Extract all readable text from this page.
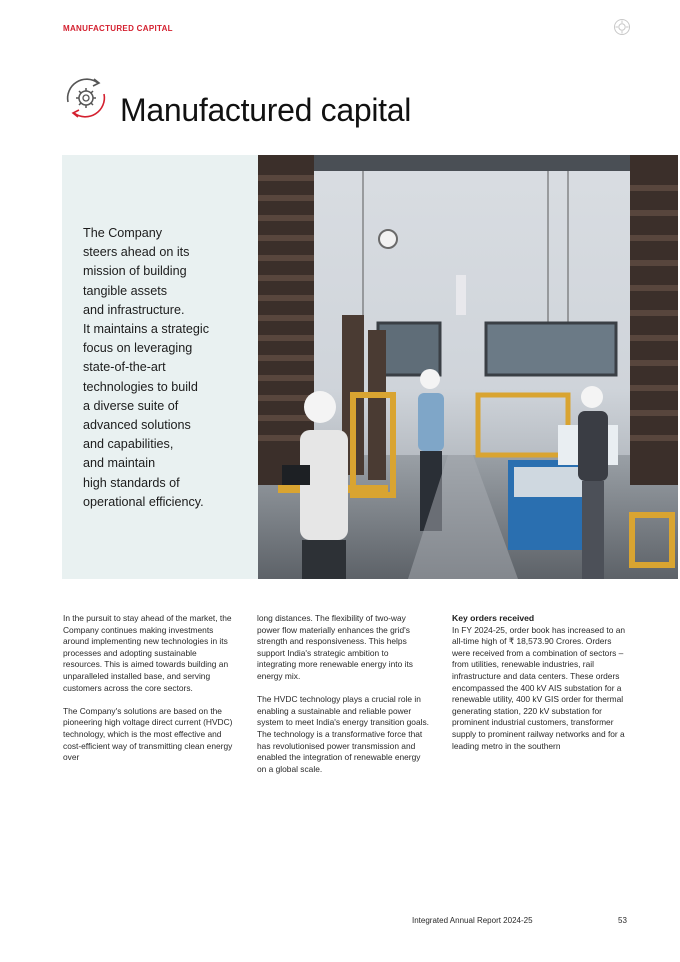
MANUFACTURED CAPITAL
Manufactured capital
The Company
steers ahead on its
mission of building
tangible assets
and infrastructure.
It maintains a strategic
focus on leveraging
state-of-the-art
technologies to build
a diverse suite of
advanced solutions
and capabilities,
and maintain
high standards of
operational efficiency.

In the pursuit to stay ahead of the market, the Company continues making investments around implementing new technologies in its processes and adopting sustainable resources. This is aimed towards building an unparalleled installed base, and serving customers across the core sectors.

The Company's solutions are based on the pioneering high voltage direct current (HVDC) technology, which is the most effective and cost-efficient way of transmitting clean energy over

long distances. The flexibility of two-way power flow materially enhances the grid's strength and responsiveness. This helps support India's strategic ambition to integrating more renewable energy into its energy mix.

The HVDC technology plays a crucial role in enabling a sustainable and reliable power system to meet India's energy transition goals. The technology is a transformative force that has revolutionised power transmission and enabled the integration of renewable energy on a global scale.

Key orders received

In FY 2024-25, order book has increased to an all-time high of ₹ 18,573.90 Crores. Orders were received from a combination of sectors – from utilities, renewable industries, rail infrastructure and data centers. These orders encompassed the 400 kV AIS substation for a renewable utility, 400 kV GIS order for thermal generating station, 220 kV substation for prominent industrial customers, transformer supply to prominent railway networks and for a leading metro in the southern

Integrated Annual Report 2024-25	53
